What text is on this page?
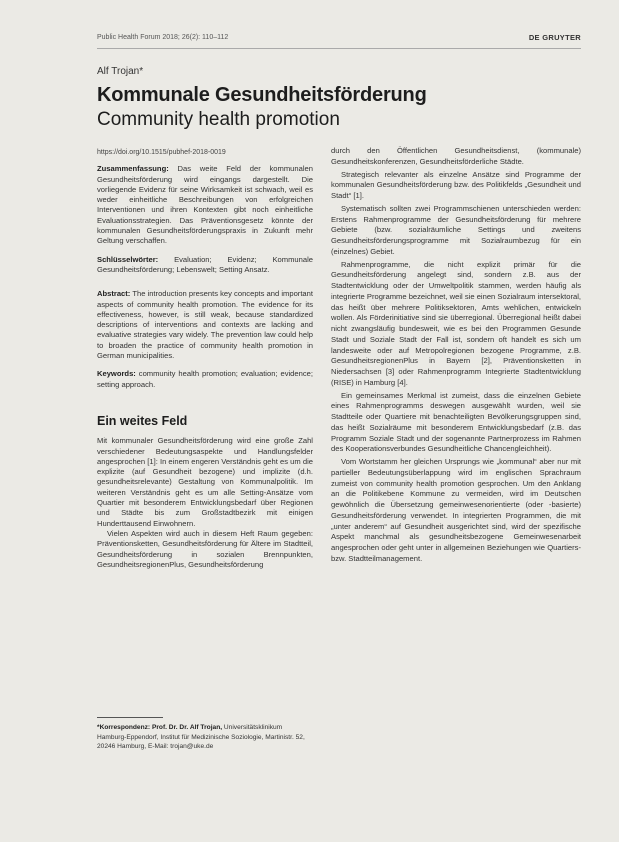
Public Health Forum 2018; 26(2): 110–112	DE GRUYTER
Alf Trojan*
Kommunale Gesundheitsförderung
Community health promotion

https://doi.org/10.1515/pubhef-2018-0019

Zusammenfassung: Das weite Feld der kommunalen Gesundheitsförderung wird eingangs dargestellt. Die vorliegende Evidenz für seine Wirksamkeit ist schwach, weil es weder einheitliche Beschreibungen von erfolgreichen Interventionen und ihren Kontexten gibt noch einheitliche Evaluationsstrategien. Das Präventionsgesetz könnte der kommunalen Gesundheitsförderungspraxis in Zukunft mehr Geltung verschaffen.

Schlüsselwörter: Evaluation; Evidenz; Kommunale Gesundheitsförderung; Lebenswelt; Setting Ansatz.

Abstract: The introduction presents key concepts and important aspects of community health promotion. The evidence for its effectiveness, however, is still weak, because standardized descriptions of interventions and contexts are lacking and evaluative strategies vary widely. The prevention law could help to broaden the practice of community health promotion in German municipalities.

Keywords: community health promotion; evaluation; evidence; setting approach.

Ein weites Feld

Mit kommunaler Gesundheitsförderung wird eine große Zahl verschiedener Bedeutungsaspekte und Handlungsfelder angesprochen [1]: In einem engeren Verständnis geht es um die explizite (auf Gesundheit bezogene) und implizite (d.h. gesundheitsrelevante) Gestaltung von Kommunalpolitik. Im weiteren Verständnis geht es um alle Setting-Ansätze vom Quartier mit besonderem Entwicklungsbedarf über Regionen und Städte bis zum Großstadtbezirk mit einigen Hunderttausend Einwohnern.

Vielen Aspekten wird auch in diesem Heft Raum gegeben: Präventionsketten, Gesundheitsförderung für Ältere im Stadtteil, Gesundheitsförderung in sozialen Brennpunkten, GesundheitsregionenPlus, Gesundheitsförderung

*Korrespondenz: Prof. Dr. Dr. Alf Trojan, Universitätsklinikum Hamburg-Eppendorf, Institut für Medizinische Soziologie, Martinistr. 52, 20246 Hamburg, E-Mail: trojan@uke.de

durch den Öffentlichen Gesundheitsdienst, (kommunale) Gesundheitskonferenzen, Gesundheitsförderliche Städte.

Strategisch relevanter als einzelne Ansätze sind Programme der kommunalen Gesundheitsförderung bzw. des Politikfelds „Gesundheit und Stadt“ [1].

Systematisch sollten zwei Programmschienen unterschieden werden: Erstens Rahmenprogramme der Gesundheitsförderung für mehrere Gebiete (bzw. sozialräumliche Settings und zweitens Gesundheitsförderungsprogramme mit Sozialraumbezug für ein (einzelnes) Gebiet.

Rahmenprogramme, die nicht explizit primär für die Gesundheitsförderung angelegt sind, sondern z.B. aus der Stadtentwicklung oder der Umweltpolitik stammen, werden häufig als integrierte Programme bezeichnet, weil sie einen Sozialraum intersektoral, das heißt über mehrere Politiksektoren, Amts wehlichen, entwickeln wollen. Als Förderinitiative sind sie überregional. Überregional heißt dabei nicht zwangsläufig bundesweit, wie es bei den Programmen Gesunde Stadt und Soziale Stadt der Fall ist, sondern oft handelt es sich um landesweite oder auf Metropolregionen bezogene Programme, z.B. GesundheitsregionenPlus in Bayern [2], Präventionsketten in Niedersachsen [3] oder Rahmenprogramm Integrierte Stadtentwicklung (RISE) in Hamburg [4].

Ein gemeinsames Merkmal ist zumeist, dass die einzelnen Gebiete eines Rahmenprogramms deswegen ausgewählt wurden, weil sie Stadtteile oder Quartiere mit benachteiligten Bevölkerungsgruppen sind, das heißt Sozialräume mit besonderem Entwicklungsbedarf (z.B. das Programm Soziale Stadt und der sogenannte Partnerprozess im Rahmen des Kooperationsverbundes Gesundheitliche Chancengleichheit).

Vom Wortstamm her gleichen Ursprungs wie „kommunal“ aber nur mit partieller Bedeutungsüberlappung wird im englischen Sprachraum zumeist von community health promotion gesprochen. Um den Anklang an die Politikebene Kommune zu vermeiden, wird im Deutschen gewöhnlich die Übersetzung gemeinwesenorientierte (oder -basierte) Gesundheitsförderung verwendet. In integrierten Programmen, die mit „unter anderem“ auf Gesundheit ausgerichtet sind, wird der spezifische Aspekt manchmal als gesundheitsbezogene Gemeinwesenarbeit angesprochen oder geht unter in allgemeinen Beziehungen wie Quartiers- bzw. Stadtteilmanagement.
